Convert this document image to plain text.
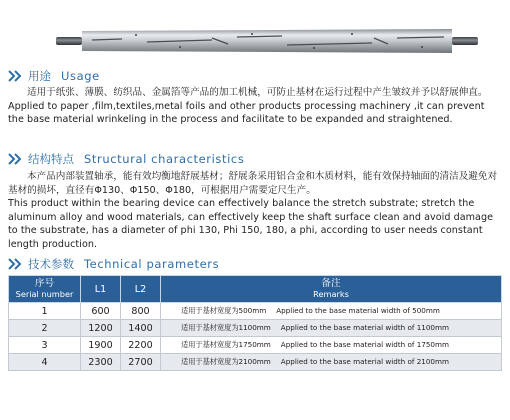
用途 Usage

适用于纸张、薄膜、纺织品、金属箔等产品的加工机械，可防止基材在运行过程中产生皱纹并予以舒展伸直。
Applied to paper ,film,textiles,metal foils and other products processing machinery ,it can prevent the base material wrinkeling in the process and facilitate to be expanded and straightened.

结构特点 Structural characteristics

本产品内部装置轴承，能有效均衡地舒展基材；舒展条采用铝合金和木质材料，能有效保持轴面的清洁及避免对基材的损坏，直径有Φ130、Φ150、Φ180，可根据用户需要定尺生产。
This product within the bearing device can effectively balance the stretch substrate; stretch the aluminum alloy and wood materials, can effectively keep the shaft surface clean and avoid damage to the substrate, has a diameter of phi 130, Phi 150, 180, a phi, according to user needs constant length production.

技术参数 Technical parameters
序号
Serial number	L1	L2	备注
Remarks

1	600	800	适用于基材宽度为500mm Applied to the base material width of 500mm
2	1200	1400	适用于基材宽度为1100mm Applied to the base material width of 1100mm
3	1900	2200	适用于基材宽度为1750mm Applied to the base material width of 1750mm
4	2300	2700	适用于基材宽度为2100mm Applied to the base material width of 2100mm
